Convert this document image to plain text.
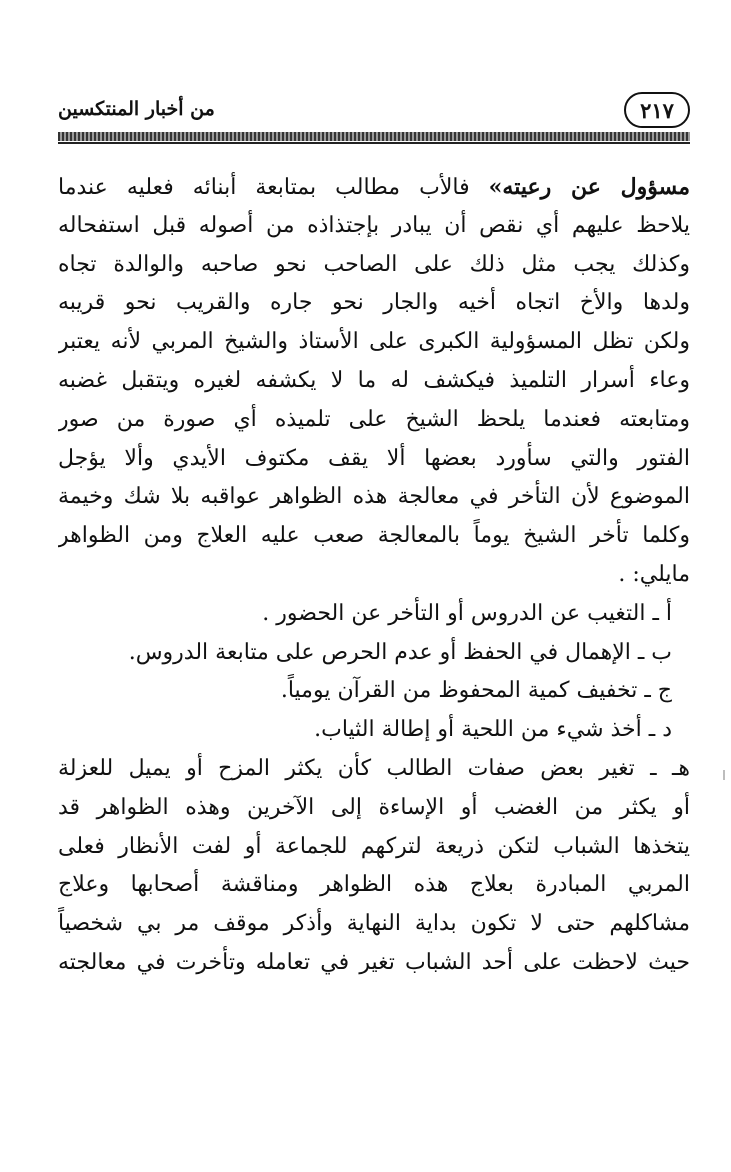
من أخبار المنتكسين	٢١٧
مسؤول عن رعيته» فالأب مطالب بمتابعة أبنائه فعليه عندما
يلاحظ عليهم أي نقص أن يبادر بإجتذاذه من أصوله قبل استفحاله
وكذلك يجب مثل ذلك على الصاحب نحو صاحبه والوالدة تجاه
ولدها والأخ اتجاه أخيه والجار نحو جاره والقريب نحو قريبه
ولكن تظل المسؤولية الكبرى على الأستاذ والشيخ المربي لأنه يعتبر
وعاء أسرار التلميذ فيكشف له ما لا يكشفه لغيره ويتقبل غضبه
ومتابعته فعندما يلحظ الشيخ على تلميذه أي صورة من صور
الفتور والتي سأورد بعضها ألا يقف مكتوف الأيدي وألا يؤجل
الموضوع لأن التأخر في معالجة هذه الظواهر عواقبه بلا شك وخيمة
وكلما تأخر الشيخ يوماً بالمعالجة صعب عليه العلاج ومن الظواهر
مايلي: .
أ ـ التغيب عن الدروس أو التأخر عن الحضور .
ب ـ الإهمال في الحفظ أو عدم الحرص على متابعة الدروس.
ج ـ تخفيف كمية المحفوظ من القرآن يومياً.
د ـ أخذ شيء من اللحية أو إطالة الثياب.
هـ ـ تغير بعض صفات الطالب كأن يكثر المزح أو يميل للعزلة
أو يكثر من الغضب أو الإساءة إلى الآخرين وهذه الظواهر قد
يتخذها الشباب لتكن ذريعة لتركهم للجماعة أو لفت الأنظار فعلى
المربي المبادرة بعلاج هذه الظواهر ومناقشة أصحابها وعلاج
مشاكلهم حتى لا تكون بداية النهاية وأذكر موقف مر بي شخصياً
حيث لاحظت على أحد الشباب تغير في تعامله وتأخرت في معالجته
